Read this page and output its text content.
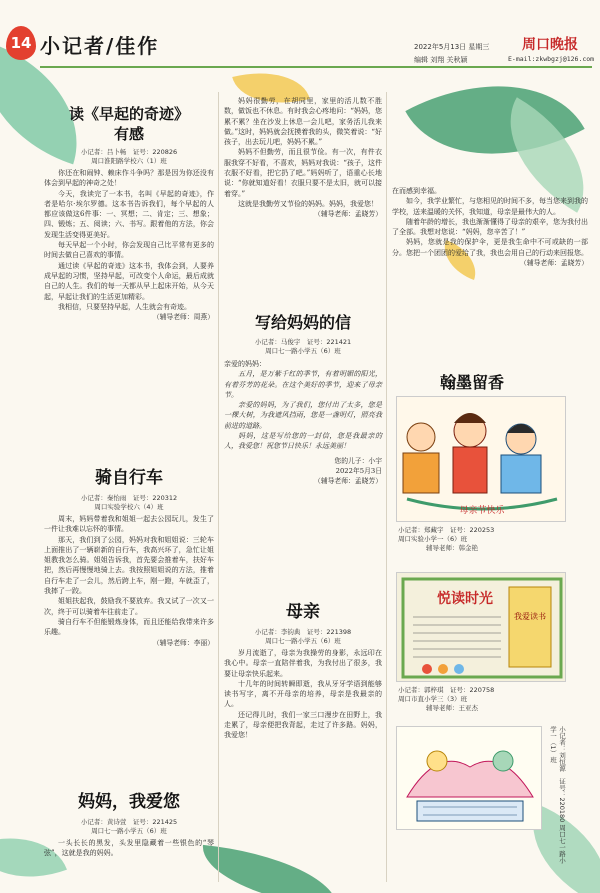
14 小记者/佳作	2022年5月13日 星期三
编辑 刘翔 关秋颖
周口晚报
E-mail:zkwbgzj@126.com
读《早起的奇迹》
有感
小记者：吕卜畅　证号：220826
周口淮阳路学校六（1）班

你还在和闹钟、赖床作斗争吗？那是因为你还没有体会到早起的神奇之处！

今天，我读完了一本书，名叫《早起的奇迹》，作者是哈尔·埃尔罗德。这本书告诉我们，每个早起的人都应该做这6件事：一、冥想；二、肯定；三、想象；四、锻炼；五、阅读；六、书写。跟着他的方法，你会发现生活变得更美好。

每天早起一个小时，你会发现自己比平常有更多的时间去做自己喜欢的事情。

通过读《早起的奇迹》这本书，我体会到，人要养成早起的习惯，坚持早起，可改变个人命运，最后成就自己的人生。我们的每一天都从早上起床开始，从今天起，早起让我们的生活更加精彩。

我相信，只要坚持早起，人生就会有奇迹。

（辅导老师：周燕）
骑自行车
小记者：秦怡雨　证号：220312
周口实验学校六（4）班

周末，妈妈带着我和姐姐一起去公园玩儿，发生了一件让我难以忘怀的事情。

那天，我们到了公园，妈妈对我和姐姐说：三轮车上面推出了一辆崭新的自行车，我高兴坏了，急忙让姐姐教我怎么骑。姐姐告诉我，首先要会推着车，扶好车把，然后再慢慢地骑上去。我按照姐姐说的方法，推着自行车走了一会儿，然后跨上车，刚一蹬，车就歪了，我摔了一跤。

姐姐扶起我，鼓励我不要放弃。我又试了一次又一次，终于可以骑着车往前走了。

骑自行车不但能锻炼身体，而且还能给我带来许多乐趣。

（辅导老师：李丽）
妈妈，我爱您
小记者：黄诗萱　证号：221425
周口七一路小学五（6）班

一头长长的黑发，头发里隐藏着一些银色的“琴弦”，这就是我的妈妈。

妈妈很勤劳，在胡同里，家里的活儿数不胜数，做饭也不休息。有时我会心疼地问：“妈妈，您累不累？坐在沙发上休息一会儿吧，家务活儿我来做。”这时，妈妈就会抚摸着我的头，微笑着说：“好孩子，出去玩儿吧，妈妈不累。”

妈妈不但勤劳，而且很节俭。有一次，有件衣服我穿不好看，不喜欢，妈妈对我说：“孩子，这件衣服不好看，把它扔了吧。”妈妈听了，语重心长地说：“你就知道好看！衣服只要不是太旧，就可以接着穿。”

这就是我勤劳又节俭的妈妈。妈妈，我爱您！

（辅导老师：孟晓芳）
写给妈妈的信
小记者：马俊宇　证号：221421
周口七一路小学五（6）班
亲爱的妈妈：

五月，是万紫千红的季节，有着明媚的阳光，有着芬芳的花朵。在这个美好的季节，迎来了母亲节。

亲爱的妈妈，为了我们，您付出了太多，您是一棵大树，为我遮风挡雨，您是一盏明灯，照亮我前进的道路。

妈妈，这是写给您的一封信，您是我最亲的人，我爱您！祝您节日快乐！永远美丽！

您的儿子：小宇
2022年5月3日
（辅导老师：孟晓芳）
母亲
小记者：李钧典　证号：221398
周口七一路小学五（6）班

岁月流逝了，母亲为我操劳的身影，永远印在我心中。母亲一直陪伴着我，为我付出了很多，我要让母亲快乐起来。

十几年的时间转瞬即逝，我从牙牙学语到能够读书写字，离不开母亲的培养，母亲是我最亲的人。

还记得儿时，我们一家三口漫步在田野上，我走累了，母亲便把我背起，走过了许多路。妈妈，我爱您！

在而感到幸福。

如今，我学业繁忙，与您相见的时间不多，每当您来到我的学校，送来温暖的关怀，我知道，母亲是最伟大的人。

随着年龄的增长，我也渐渐懂得了母亲的艰辛，您为我付出了全部。我想对您说：“妈妈，您辛苦了！”

妈妈，您就是我的保护伞，更是我生命中不可或缺的一部分。您把一个团团的爱给了我，我也会用自己的行动来回报您。

（辅导老师：孟晓芳）
翰墨留香
母亲节快乐
小记者：郑藏宇　证号：220253
周口实验小学一（6）班
辅导老师：韩金艳
悦读时光
我爱读书
小记者：郭梓琪　证号：220758
周口市直小学三（3）班
辅导老师：王亚杰
小记者：刘恒源　证号：220180 周口七一路小学一（1）班
